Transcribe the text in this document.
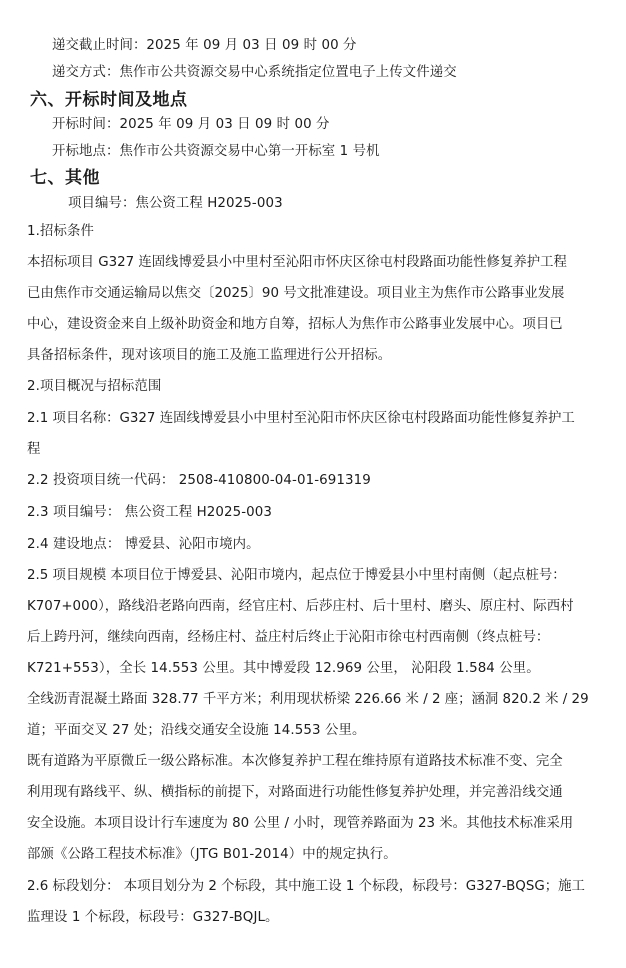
递交截止时间：2025 年 09 月 03 日 09 时 00 分
递交方式：焦作市公共资源交易中心系统指定位置电子上传文件递交
六、开标时间及地点
开标时间：2025 年 09 月 03 日 09 时 00 分
开标地点：焦作市公共资源交易中心第一开标室 1 号机
七、其他
项目编号：焦公资工程 H2025-003
1.招标条件
本招标项目 G327 连固线博爱县小中里村至沁阳市怀庆区徐屯村段路面功能性修复养护工程
已由焦作市交通运输局以焦交〔2025〕90 号文批准建设。项目业主为焦作市公路事业发展
中心，建设资金来自上级补助资金和地方自筹，招标人为焦作市公路事业发展中心。项目已
具备招标条件，现对该项目的施工及施工监理进行公开招标。
2.项目概况与招标范围
2.1 项目名称：G327 连固线博爱县小中里村至沁阳市怀庆区徐屯村段路面功能性修复养护工
程
2.2 投资项目统一代码： 2508-410800-04-01-691319
2.3 项目编号： 焦公资工程 H2025-003
2.4 建设地点： 博爱县、沁阳市境内。
2.5 项目规模 本项目位于博爱县、沁阳市境内，起点位于博爱县小中里村南侧（起点桩号：
K707+000），路线沿老路向西南，经官庄村、后莎庄村、后十里村、磨头、原庄村、际西村
后上跨丹河，继续向西南，经杨庄村、益庄村后终止于沁阳市徐屯村西南侧（终点桩号：
K721+553），全长 14.553 公里。其中博爱段 12.969 公里， 沁阳段 1.584 公里。
全线沥青混凝土路面 328.77 千平方米；利用现状桥梁 226.66 米 / 2 座；涵洞 820.2 米 / 29
道；平面交叉 27 处；沿线交通安全设施 14.553 公里。
既有道路为平原微丘一级公路标准。本次修复养护工程在维持原有道路技术标准不变、完全
利用现有路线平、纵、横指标的前提下，对路面进行功能性修复养护处理，并完善沿线交通
安全设施。本项目设计行车速度为 80 公里 / 小时，现管养路面为 23 米。其他技术标准采用
部颁《公路工程技术标准》（JTG B01-2014）中的规定执行。
2.6 标段划分： 本项目划分为 2 个标段，其中施工设 1 个标段，标段号：G327-BQSG；施工
监理设 1 个标段，标段号：G327-BQJL。
